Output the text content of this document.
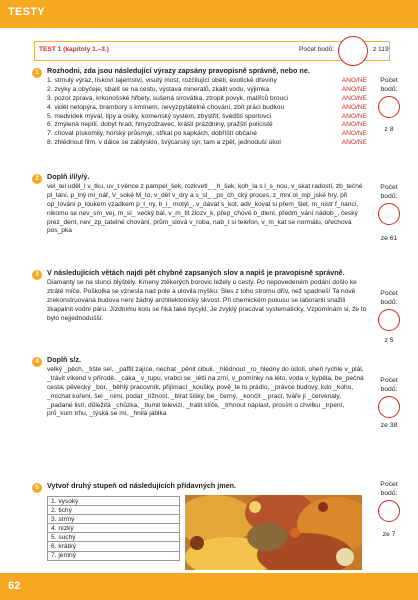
TESTY
TEST 1 (kapitoly 1.–3.)	Počet bodů:	z 119
1	Rozhodni, zda jsou následující výrazy zapsány pravopisně správně, nebo ne.
1. strnulý výraz, lískoví tajemství, visutý most, rozčilující oběti, exotické dřeviny	ANO/NE
2. zvyky a obyčeje, sbalit se na cestu, výstava minerálů, zkalit vodu, výjimka	ANO/NE
3. pozor zprava, krkonošské hřbety, sušená sirovátka, ztropit povyk, malířců brouci	ANO/NE
4. vidět netopýra, brambory s kmínem, nevyzpytatelné chování, zbít práci budkou	ANO/NE
5. medvídek mýval, lípy a osiky, komenský systém, zbystřit, švédští sportovci	ANO/NE
6. zmýlená nepílí, dobýt hrad, hmyzožravec, krášlí prázdniny, pražští policisté	ANO/NE
7. chovat pískomily, horský průsmyk, střkat po kapkách, dobříští občané	ANO/NE
8. zhlédnout film, v dálce se zablýsklo, švýcarský sýr, tam a zpět, jednoduší úkol	ANO/NE
Počet bodů:
z 8
2	Doplň i/í/y/ý.
vel_tel uděl_l v_tku, uv_t věnce z pampel_šek, rozkvetl_ _h_šek, koh_la s l_s_nou, v_skat radostí, zb_tečné pl_taní, p_lný ml_nář, V_soké M_to, v_dět v_dry a s_sl_ _ps_ch_cký proces, z_mní ol_mp_jské hry, při op_lování p_loukem vzadkem p_l_ny, b_l_ motýl_, v_dávat s_kot, adv_kovat si přem_šlet, m_nistr f_nancí, nikomu se nev_sm_vej, m_sl_ vecký bál, v_m_tit zlozv_k, přep_chové b_dlení, předm_vání nádob_, český prez_dent, nev_zp_tatelné chování, prům_slová v_roba, nab_t si telefon, v_m_kat se normálu, ořechová pos_pka
Počet bodů:
ze 61
3	V následujících větách najdi pět chybně zapsaných slov a napiš je pravopisně správně.
Diamanty se na slunci blýštěly. Kmeny ztěkerých borovic ležely u cesty. Po nepovedeném podání došlo ke ztrátě míče. Poškolka se vznesla nad pole a ulovila myšku. Sles z toho stromu dřív, než spadneš! Ta nově zrekonstruovaná budova není žádný architektonický skvost. Při chemickém pokusu se laboranti snažili zkapalnit vodní páru. Jízdnímu kolu se říká také bycykl. Je zvyklý pracovat systematicky. Vzpomínám si, že to bylo nejjednodušší.
Počet bodů:
z 5
4	Doplň s/z.
velký _pěch, _tište se!, _paffit zajíce, nechat _pěnit cibuli, _hlédnout _ro_hledny do údolí, oheň rychle v_plál, _trávit víkend v přírodě, _cáka_ v_tupu, vrabci se _létli na zrní, v_pomínky na léto, voda v_kypěla, be_pečná cesta, pěvecký _bor, _běhlý pracovník, přijímací _koušky, pově_te to prádlo, _právce budovy, kdo _koho, _míchat koření, šel _ nimi, podat _tížnost, _birat šišky, be_ černý, _končit _ prací, tváře jí _červenaly, _padané listí, důležitá _chůzka, _tlumit televizi, _tratit klíče, _trhnout náplast, prosím o chvilku _trpení, prů_kum trhu, _týská se mi, _hnilá jablka
Počet bodů:
ze 38
5	Vytvoř druhý stupeň od následujících přídavných jmen.
1. vysoký
2. tichý
3. strmý
4. nízký
5. suchý
6. krátký
7. jemný
Počet bodů:
ze 7
62
